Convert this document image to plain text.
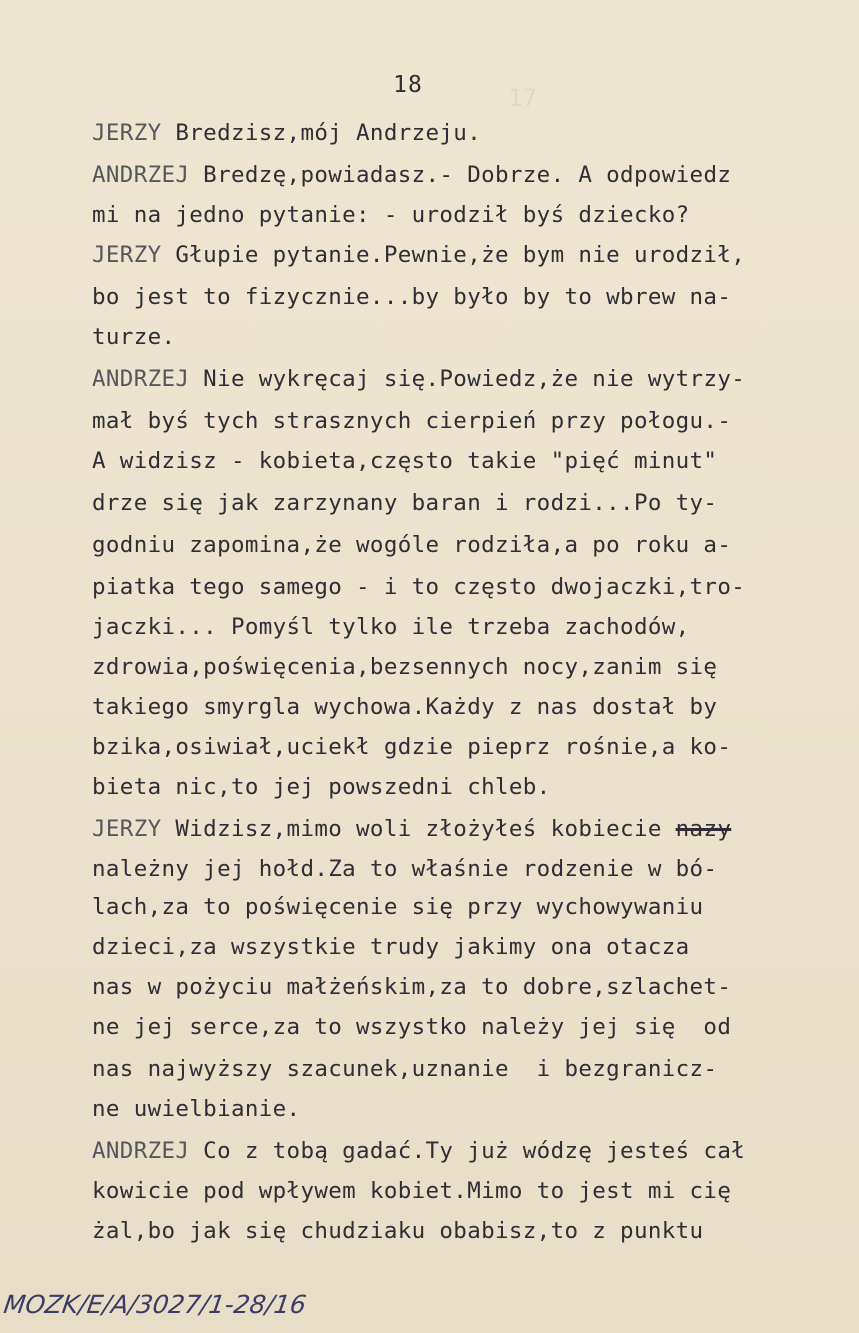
17
18
JERZY Bredzisz,mój Andrzeju.
ANDRZEJ Bredzę,powiadasz.- Dobrze. A odpowiedz
mi na jedno pytanie: - urodził byś dziecko?
JERZY Głupie pytanie.Pewnie,że bym nie urodził,
bo jest to fizycznie...by było by to wbrew na-
turze.
ANDRZEJ Nie wykręcaj się.Powiedz,że nie wytrzy-
mał byś tych strasznych cierpień przy połogu.-
A widzisz - kobieta,często takie "pięć minut"
drze się jak zarzynany baran i rodzi...Po ty-
godniu zapomina,że wogóle rodziła,a po roku a-
piatka tego samego - i to często dwojaczki,tro-
jaczki... Pomyśl tylko ile trzeba zachodów,
zdrowia,poświęcenia,bezsennych nocy,zanim się
takiego smyrgla wychowa.Każdy z nas dostał by
bzika,osiwiał,uciekł gdzie pieprz rośnie,a ko-
bieta nic,to jej powszedni chleb.
JERZY Widzisz,mimo woli złożyłeś kobiecie nazy
należny jej hołd.Za to właśnie rodzenie w bó-
lach,za to poświęcenie się przy wychowywaniu
dzieci,za wszystkie trudy jakimy ona otacza
nas w pożyciu małżeńskim,za to dobre,szlachet-
ne jej serce,za to wszystko należy jej się  od
nas najwyższy szacunek,uznanie  i bezgranicz-
ne uwielbianie.
ANDRZEJ Co z tobą gadać.Ty już wódzę jesteś cał
kowicie pod wpływem kobiet.Mimo to jest mi cię
żal,bo jak się chudziaku obabisz,to z punktu
MOZK/E/A/3027/1-28/16
